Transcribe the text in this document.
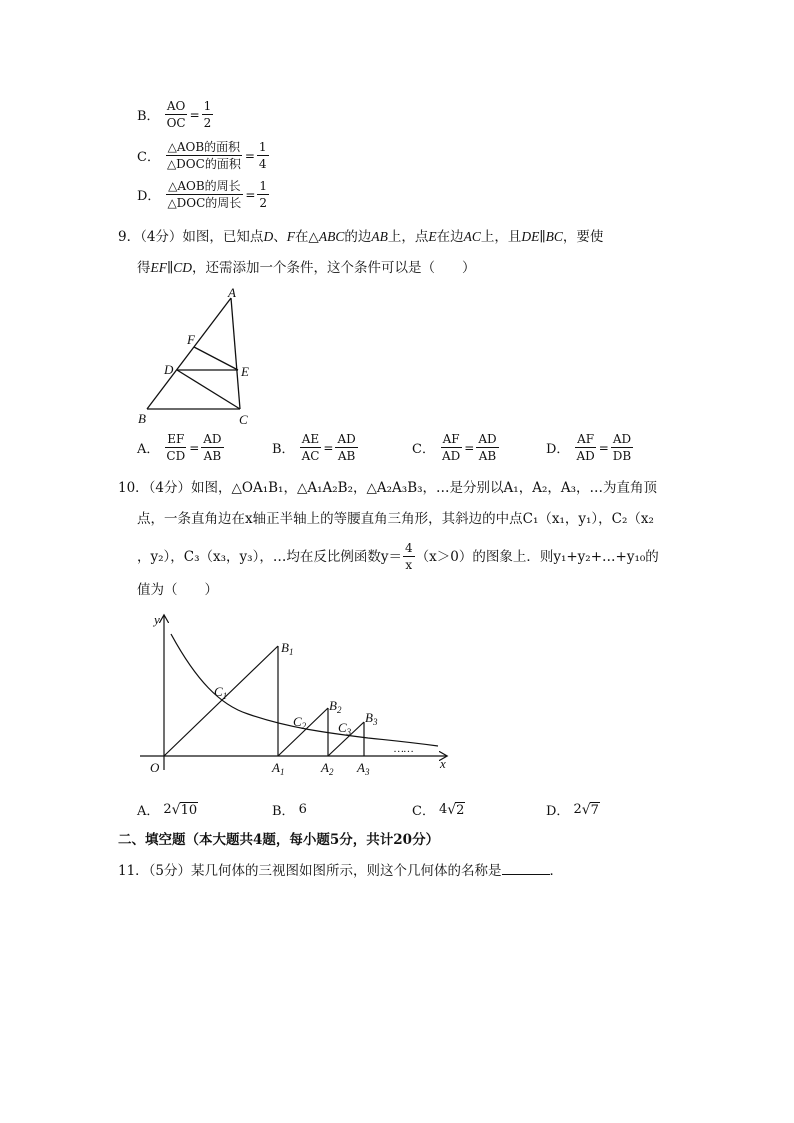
B． $\frac{AO}{OC} = \frac{1}{2}$
C． $\frac{\text{△AOB的面积}}{\text{△DOC的面积}} = \frac{1}{4}$
D． $\frac{\text{△AOB的周长}}{\text{△DOC的周长}} = \frac{1}{2}$
9．（4分）如图，已知点D、F在△ABC的边AB上，点E在边AC上，且DE∥BC，要使
得EF∥CD，还需添加一个条件，这个条件可以是（　　）
A
F
D	E
B	C
A． $\frac{EF}{CD} = \frac{AD}{AB}$	B． $\frac{AE}{AC} = \frac{AD}{AB}$	C． $\frac{AF}{AD} = \frac{AD}{AB}$	D． $\frac{AF}{AD} = \frac{AD}{DB}$
10．（4分）如图，△OA₁B₁，△A₁A₂B₂，△A₂A₃B₃，…是分别以A₁，A₂，A₃，…为直角顶
点，一条直角边在x轴正半轴上的等腰直角三角形，其斜边的中点C₁（x₁，y₁），C₂（x₂
，y₂），C₃（x₃，y₃），…均在反比例函数$y= \frac{4}{x} (x>0)$的图象上．则y₁+y₂+…+y₁₀的
值为（　　）
y
x
O
$B_1$
$C_1$
$B_2$
$C_2$
$B_3$
$C_3$
$A_1$	$A_2$ $A_3$
……
A． 2 √ 10	B． 6	C． 4 √ 2	D． 2 √ 7
二、填空题（本大题共4题，每小题5分，共计20分）
11．（5分）某几何体的三视图如图所示，则这个几何体的名称是	．
